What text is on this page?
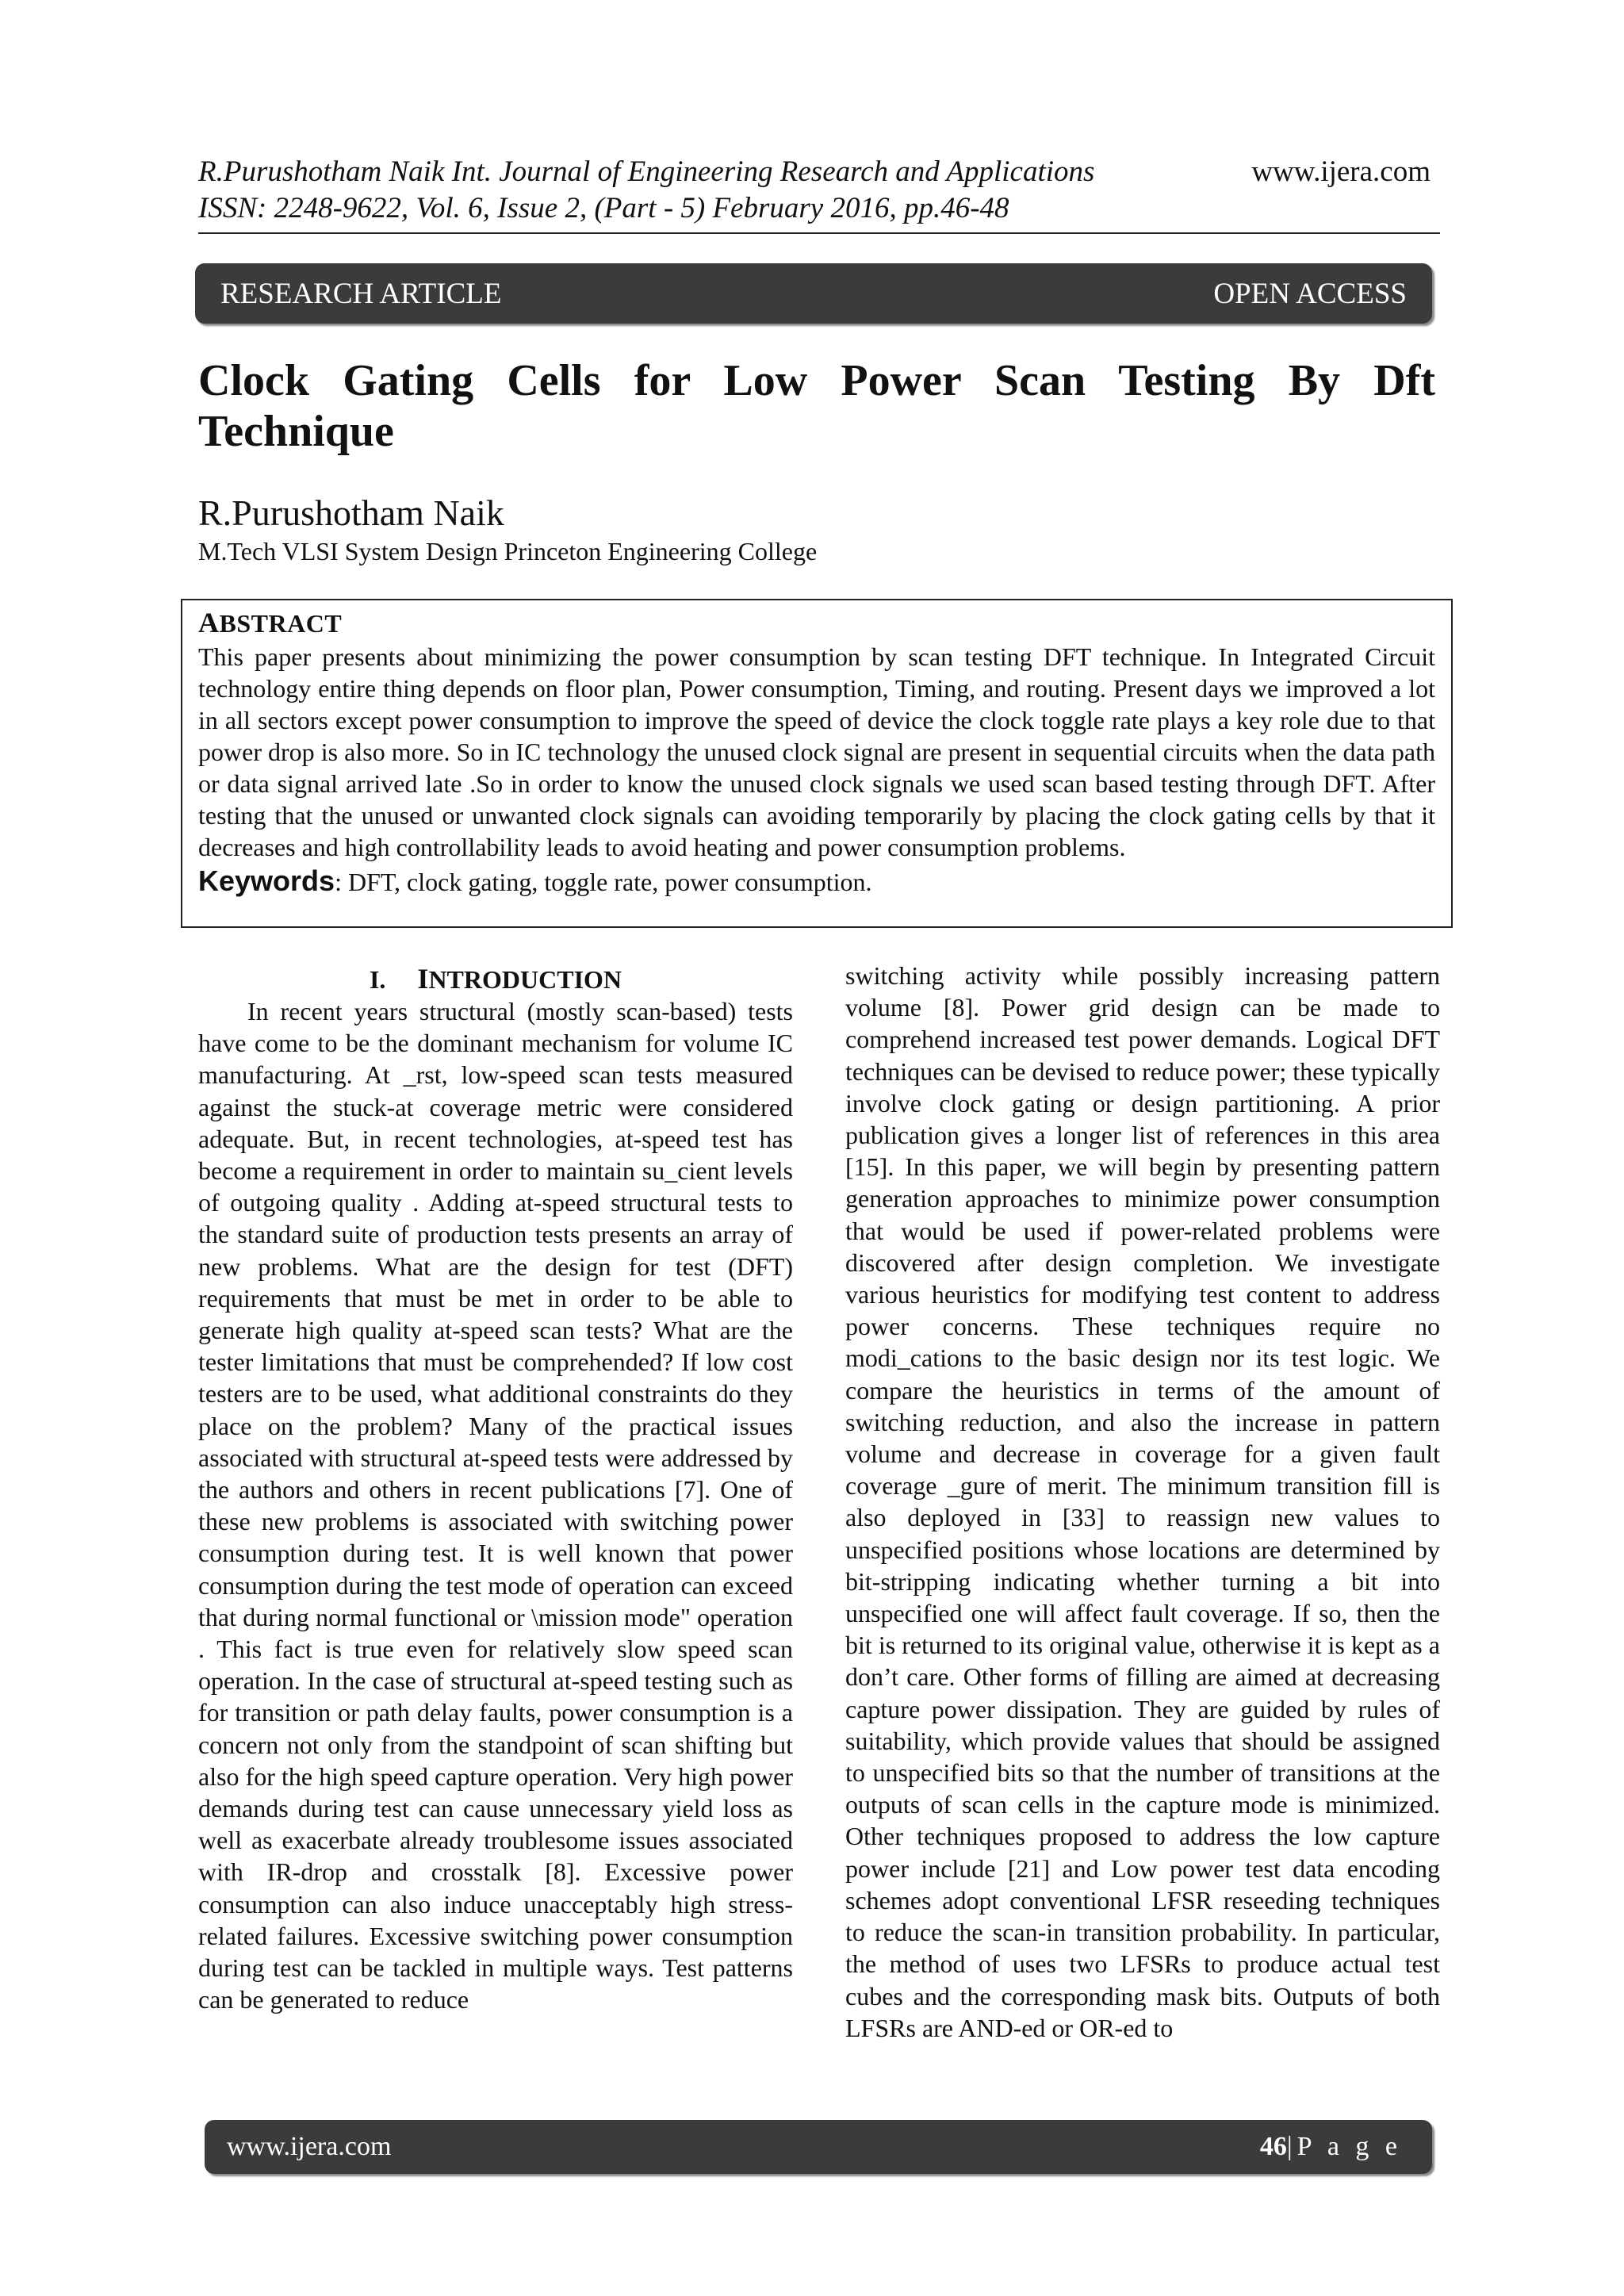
R.Purushotham Naik Int. Journal of Engineering Research and Applications
ISSN: 2248-9622, Vol. 6, Issue 2, (Part - 5) February 2016, pp.46-48
www.ijera.com
RESEARCH ARTICLE	OPEN ACCESS
Clock Gating Cells for Low Power Scan Testing By Dft
Technique
R.Purushotham Naik
M.Tech VLSI System Design Princeton Engineering College
ABSTRACT

This paper presents about minimizing the power consumption by scan testing DFT technique. In Integrated Circuit technology entire thing depends on floor plan, Power consumption, Timing, and routing. Present days we improved a lot in all sectors except power consumption to improve the speed of device the clock toggle rate plays a key role due to that power drop is also more. So in IC technology the unused clock signal are present in sequential circuits when the data path or data signal arrived late .So in order to know the unused clock signals we used scan based testing through DFT. After testing that the unused or unwanted clock signals can avoiding temporarily by placing the clock gating cells by that it decreases and high controllability leads to avoid heating and power consumption problems.

Keywords: DFT, clock gating, toggle rate, power consumption.
I. INTRODUCTION

In recent years structural (mostly scan-based) tests have come to be the dominant mechanism for volume IC manufacturing. At _rst, low-speed scan tests measured against the stuck-at coverage metric were considered adequate. But, in recent technologies, at-speed test has become a requirement in order to maintain su_cient levels of outgoing quality . Adding at-speed structural tests to the standard suite of production tests presents an array of new problems. What are the design for test (DFT) requirements that must be met in order to be able to generate high quality at-speed scan tests? What are the tester limitations that must be comprehended? If low cost testers are to be used, what additional constraints do they place on the problem? Many of the practical issues associated with structural at-speed tests were addressed by the authors and others in recent publications [7]. One of these new problems is associated with switching power consumption during test. It is well known that power consumption during the test mode of operation can exceed that during normal functional or \mission mode" operation . This fact is true even for relatively slow speed scan operation. In the case of structural at-speed testing such as for transition or path delay faults, power consumption is a concern not only from the standpoint of scan shifting but also for the high speed capture operation. Very high power demands during test can cause unnecessary yield loss as well as exacerbate already troublesome issues associated with IR-drop and crosstalk [8]. Excessive power consumption can also induce unacceptably high stress-related failures. Excessive switching power consumption during test can be tackled in multiple ways. Test patterns can be generated to reduce

switching activity while possibly increasing pattern volume [8]. Power grid design can be made to comprehend increased test power demands. Logical DFT techniques can be devised to reduce power; these typically involve clock gating or design partitioning. A prior publication gives a longer list of references in this area [15]. In this paper, we will begin by presenting pattern generation approaches to minimize power consumption that would be used if power-related problems were discovered after design completion. We investigate various heuristics for modifying test content to address power concerns. These techniques require no modi_cations to the basic design nor its test logic. We compare the heuristics in terms of the amount of switching reduction, and also the increase in pattern volume and decrease in coverage for a given fault coverage _gure of merit. The minimum transition fill is also deployed in [33] to reassign new values to unspecified positions whose locations are determined by bit-stripping indicating whether turning a bit into unspecified one will affect fault coverage. If so, then the bit is returned to its original value, otherwise it is kept as a don’t care. Other forms of filling are aimed at decreasing capture power dissipation. They are guided by rules of suitability, which provide values that should be assigned to unspecified bits so that the number of transitions at the outputs of scan cells in the capture mode is minimized. Other techniques proposed to address the low capture power include [21] and Low power test data encoding schemes adopt conventional LFSR reseeding techniques to reduce the scan-in transition probability. In particular, the method of uses two LFSRs to produce actual test cubes and the corresponding mask bits. Outputs of both LFSRs are AND-ed or OR-ed to

www.ijera.com	46|P a g e
